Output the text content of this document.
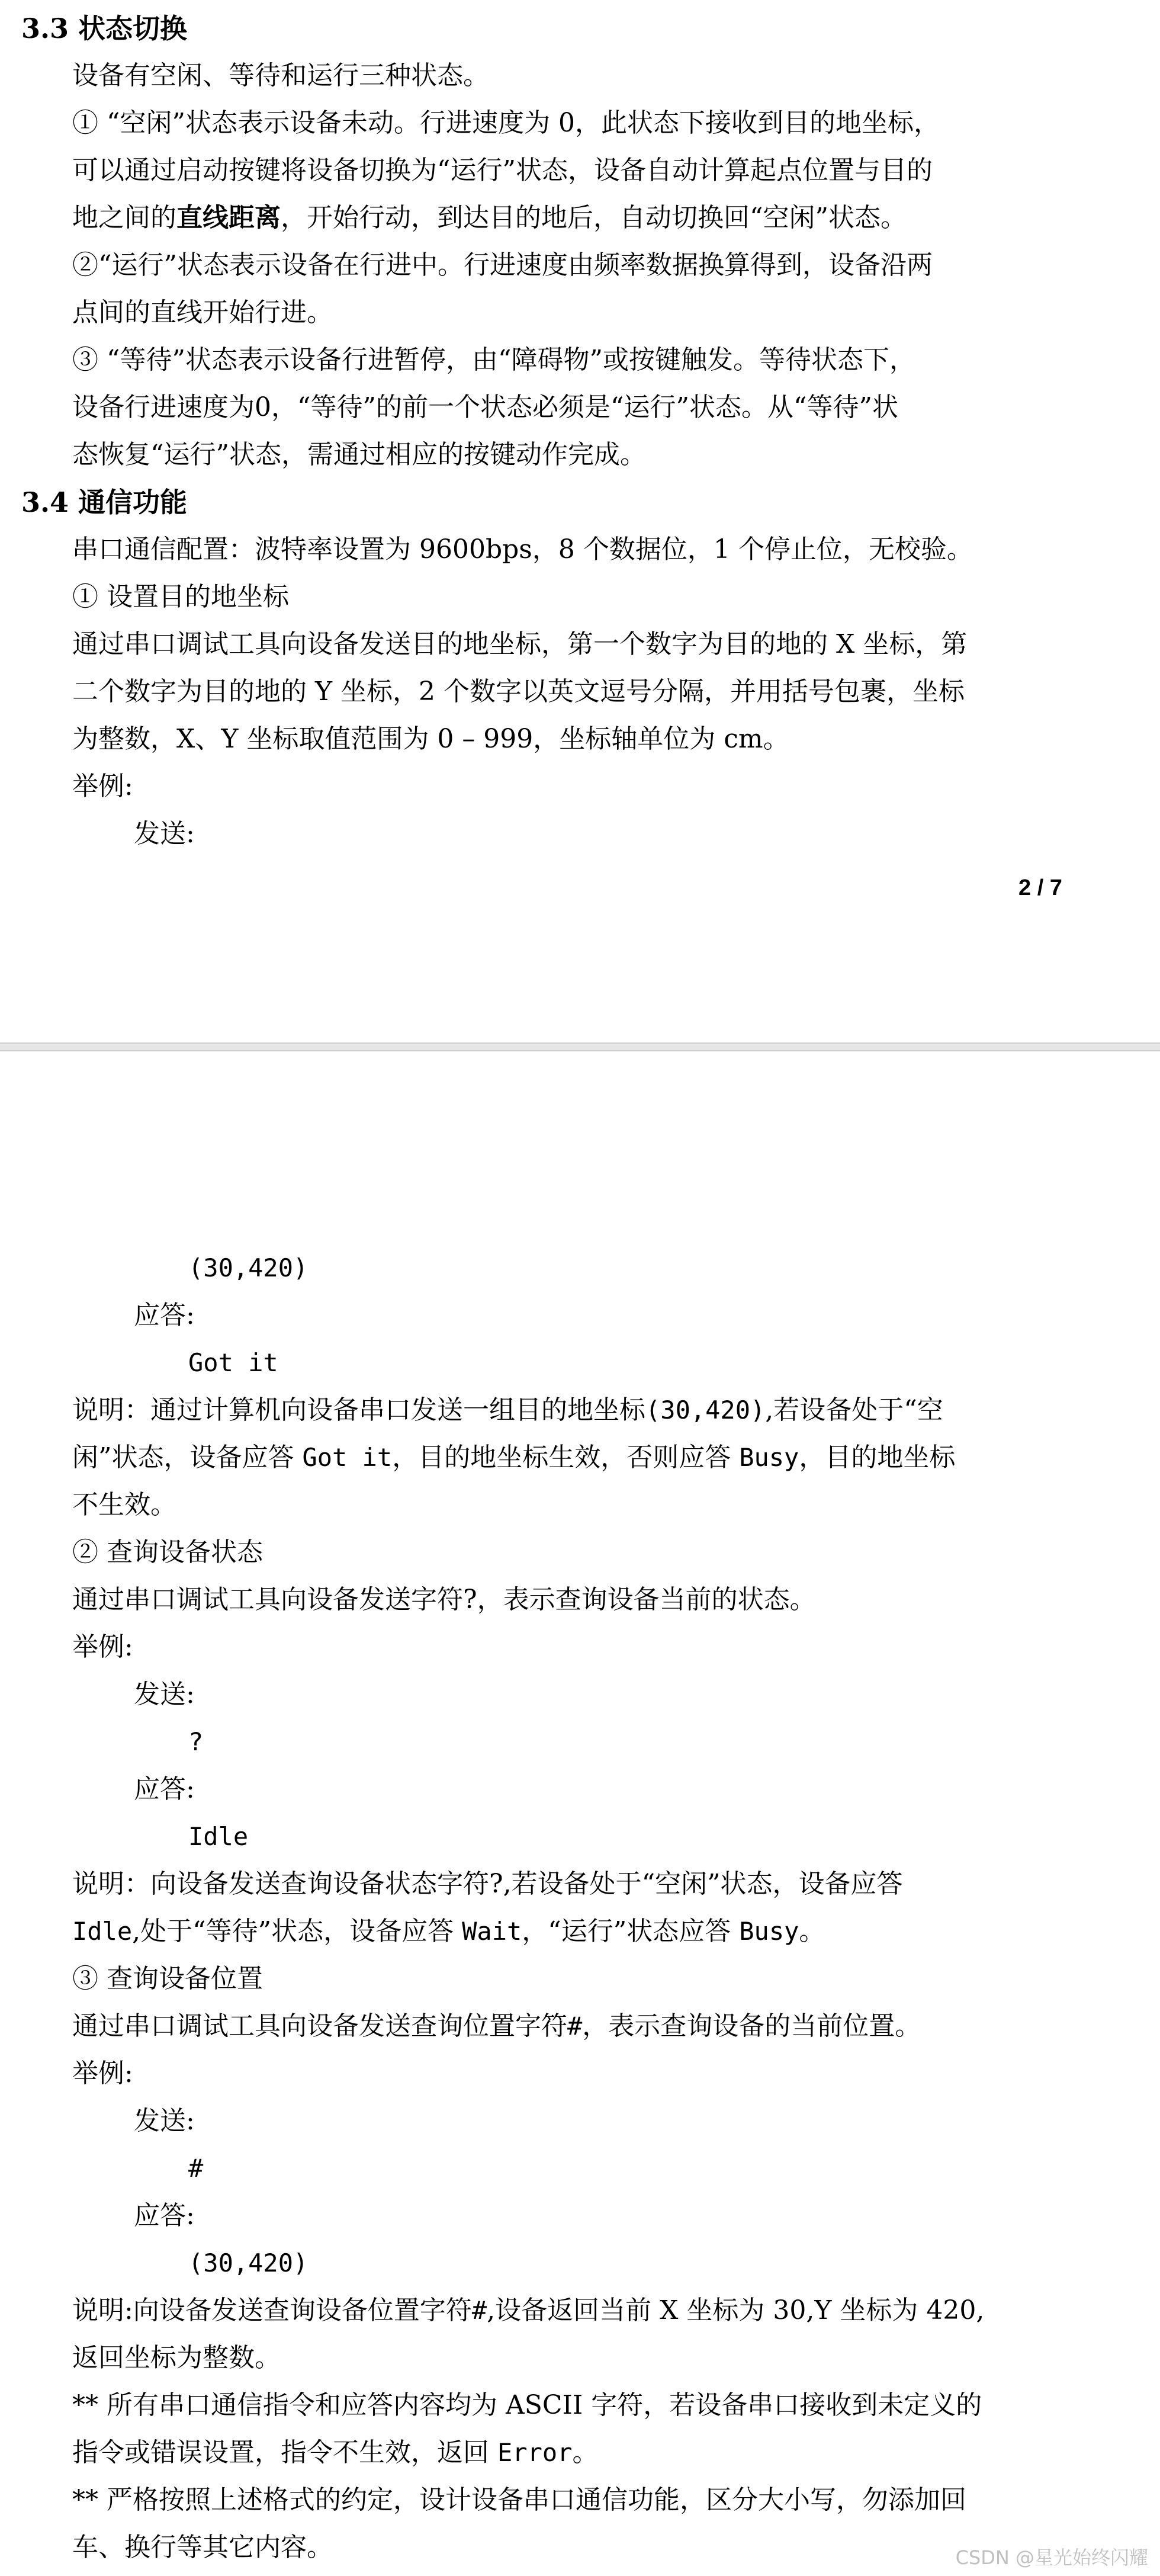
3.3 状态切换
设备有空闲、等待和运行三种状态。
① “空闲”状态表示设备未动。行进速度为 0，此状态下接收到目的地坐标，
可以通过启动按键将设备切换为“运行”状态，设备自动计算起点位置与目的
地之间的直线距离，开始行动，到达目的地后，自动切换回“空闲”状态。
②“运行”状态表示设备在行进中。行进速度由频率数据换算得到，设备沿两
点间的直线开始行进。
③ “等待”状态表示设备行进暂停，由“障碍物”或按键触发。等待状态下，
设备行进速度为0，“等待”的前一个状态必须是“运行”状态。从“等待”状
态恢复“运行”状态，需通过相应的按键动作完成。
3.4 通信功能
串口通信配置：波特率设置为 9600bps，8 个数据位，1 个停止位，无校验。
① 设置目的地坐标
通过串口调试工具向设备发送目的地坐标，第一个数字为目的地的 X 坐标，第
二个数字为目的地的 Y 坐标，2 个数字以英文逗号分隔，并用括号包裹，坐标
为整数，X、Y 坐标取值范围为 0 – 999，坐标轴单位为 cm。
举例:
发送:
2 / 7
(30,420)
应答:
Got it
说明：通过计算机向设备串口发送一组目的地坐标(30,420),若设备处于“空
闲”状态，设备应答 Got it，目的地坐标生效，否则应答 Busy，目的地坐标
不生效。
② 查询设备状态
通过串口调试工具向设备发送字符?，表示查询设备当前的状态。
举例:
发送:
?
应答:
Idle
说明：向设备发送查询设备状态字符?,若设备处于“空闲”状态，设备应答
Idle,处于“等待”状态，设备应答 Wait，“运行”状态应答 Busy。
③ 查询设备位置
通过串口调试工具向设备发送查询位置字符#，表示查询设备的当前位置。
举例:
发送:
#
应答:
(30,420)
说明:向设备发送查询设备位置字符#,设备返回当前 X 坐标为 30,Y 坐标为 420,
返回坐标为整数。
** 所有串口通信指令和应答内容均为 ASCII 字符，若设备串口接收到未定义的
指令或错误设置，指令不生效，返回 Error。
** 严格按照上述格式的约定，设计设备串口通信功能，区分大小写，勿添加回
车、换行等其它内容。	CSDN @星光始终闪耀
